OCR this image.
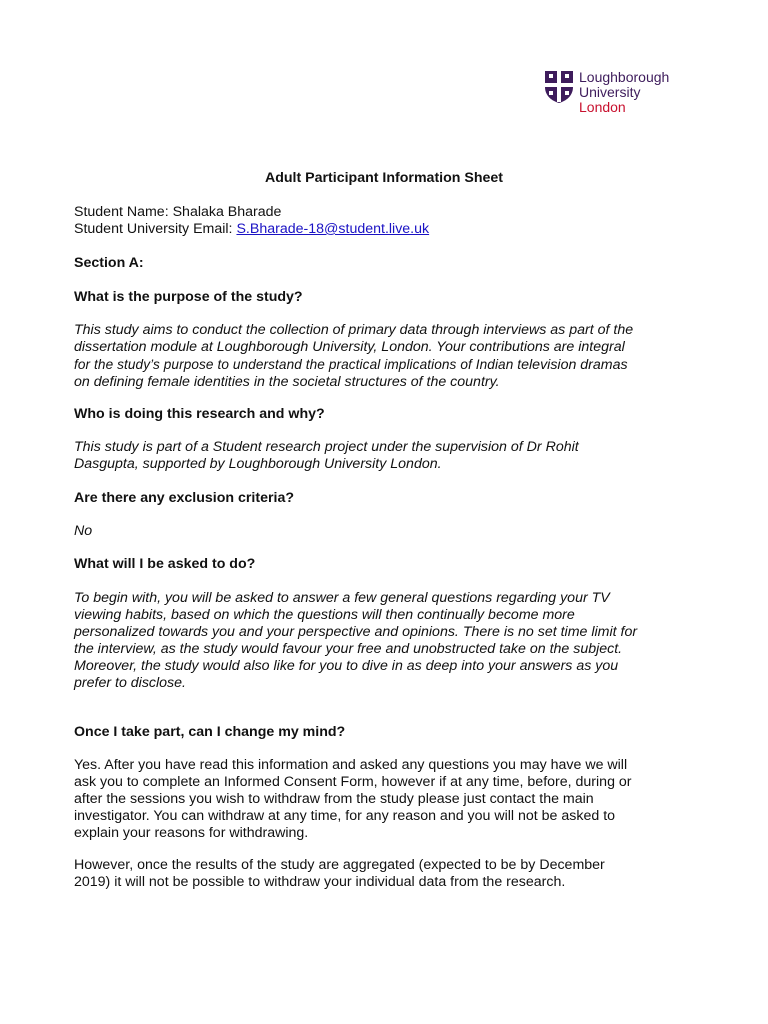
Loughborough
University
London
Adult Participant Information Sheet
Student Name: Shalaka Bharade
Student University Email: S.Bharade-18@student.live.uk
Section A:
What is the purpose of the study?
This study aims to conduct the collection of primary data through interviews as part of the
dissertation module at Loughborough University, London. Your contributions are integral
for the study’s purpose to understand the practical implications of Indian television dramas
on defining female identities in the societal structures of the country.
Who is doing this research and why?
This study is part of a Student research project under the supervision of Dr Rohit
Dasgupta, supported by Loughborough University London.
Are there any exclusion criteria?
No
What will I be asked to do?
To begin with, you will be asked to answer a few general questions regarding your TV
viewing habits, based on which the questions will then continually become more
personalized towards you and your perspective and opinions. There is no set time limit for
the interview, as the study would favour your free and unobstructed take on the subject.
Moreover, the study would also like for you to dive in as deep into your answers as you
prefer to disclose.
Once I take part, can I change my mind?
Yes. After you have read this information and asked any questions you may have we will
ask you to complete an Informed Consent Form, however if at any time, before, during or
after the sessions you wish to withdraw from the study please just contact the main
investigator. You can withdraw at any time, for any reason and you will not be asked to
explain your reasons for withdrawing.
However, once the results of the study are aggregated (expected to be by December
2019) it will not be possible to withdraw your individual data from the research.
